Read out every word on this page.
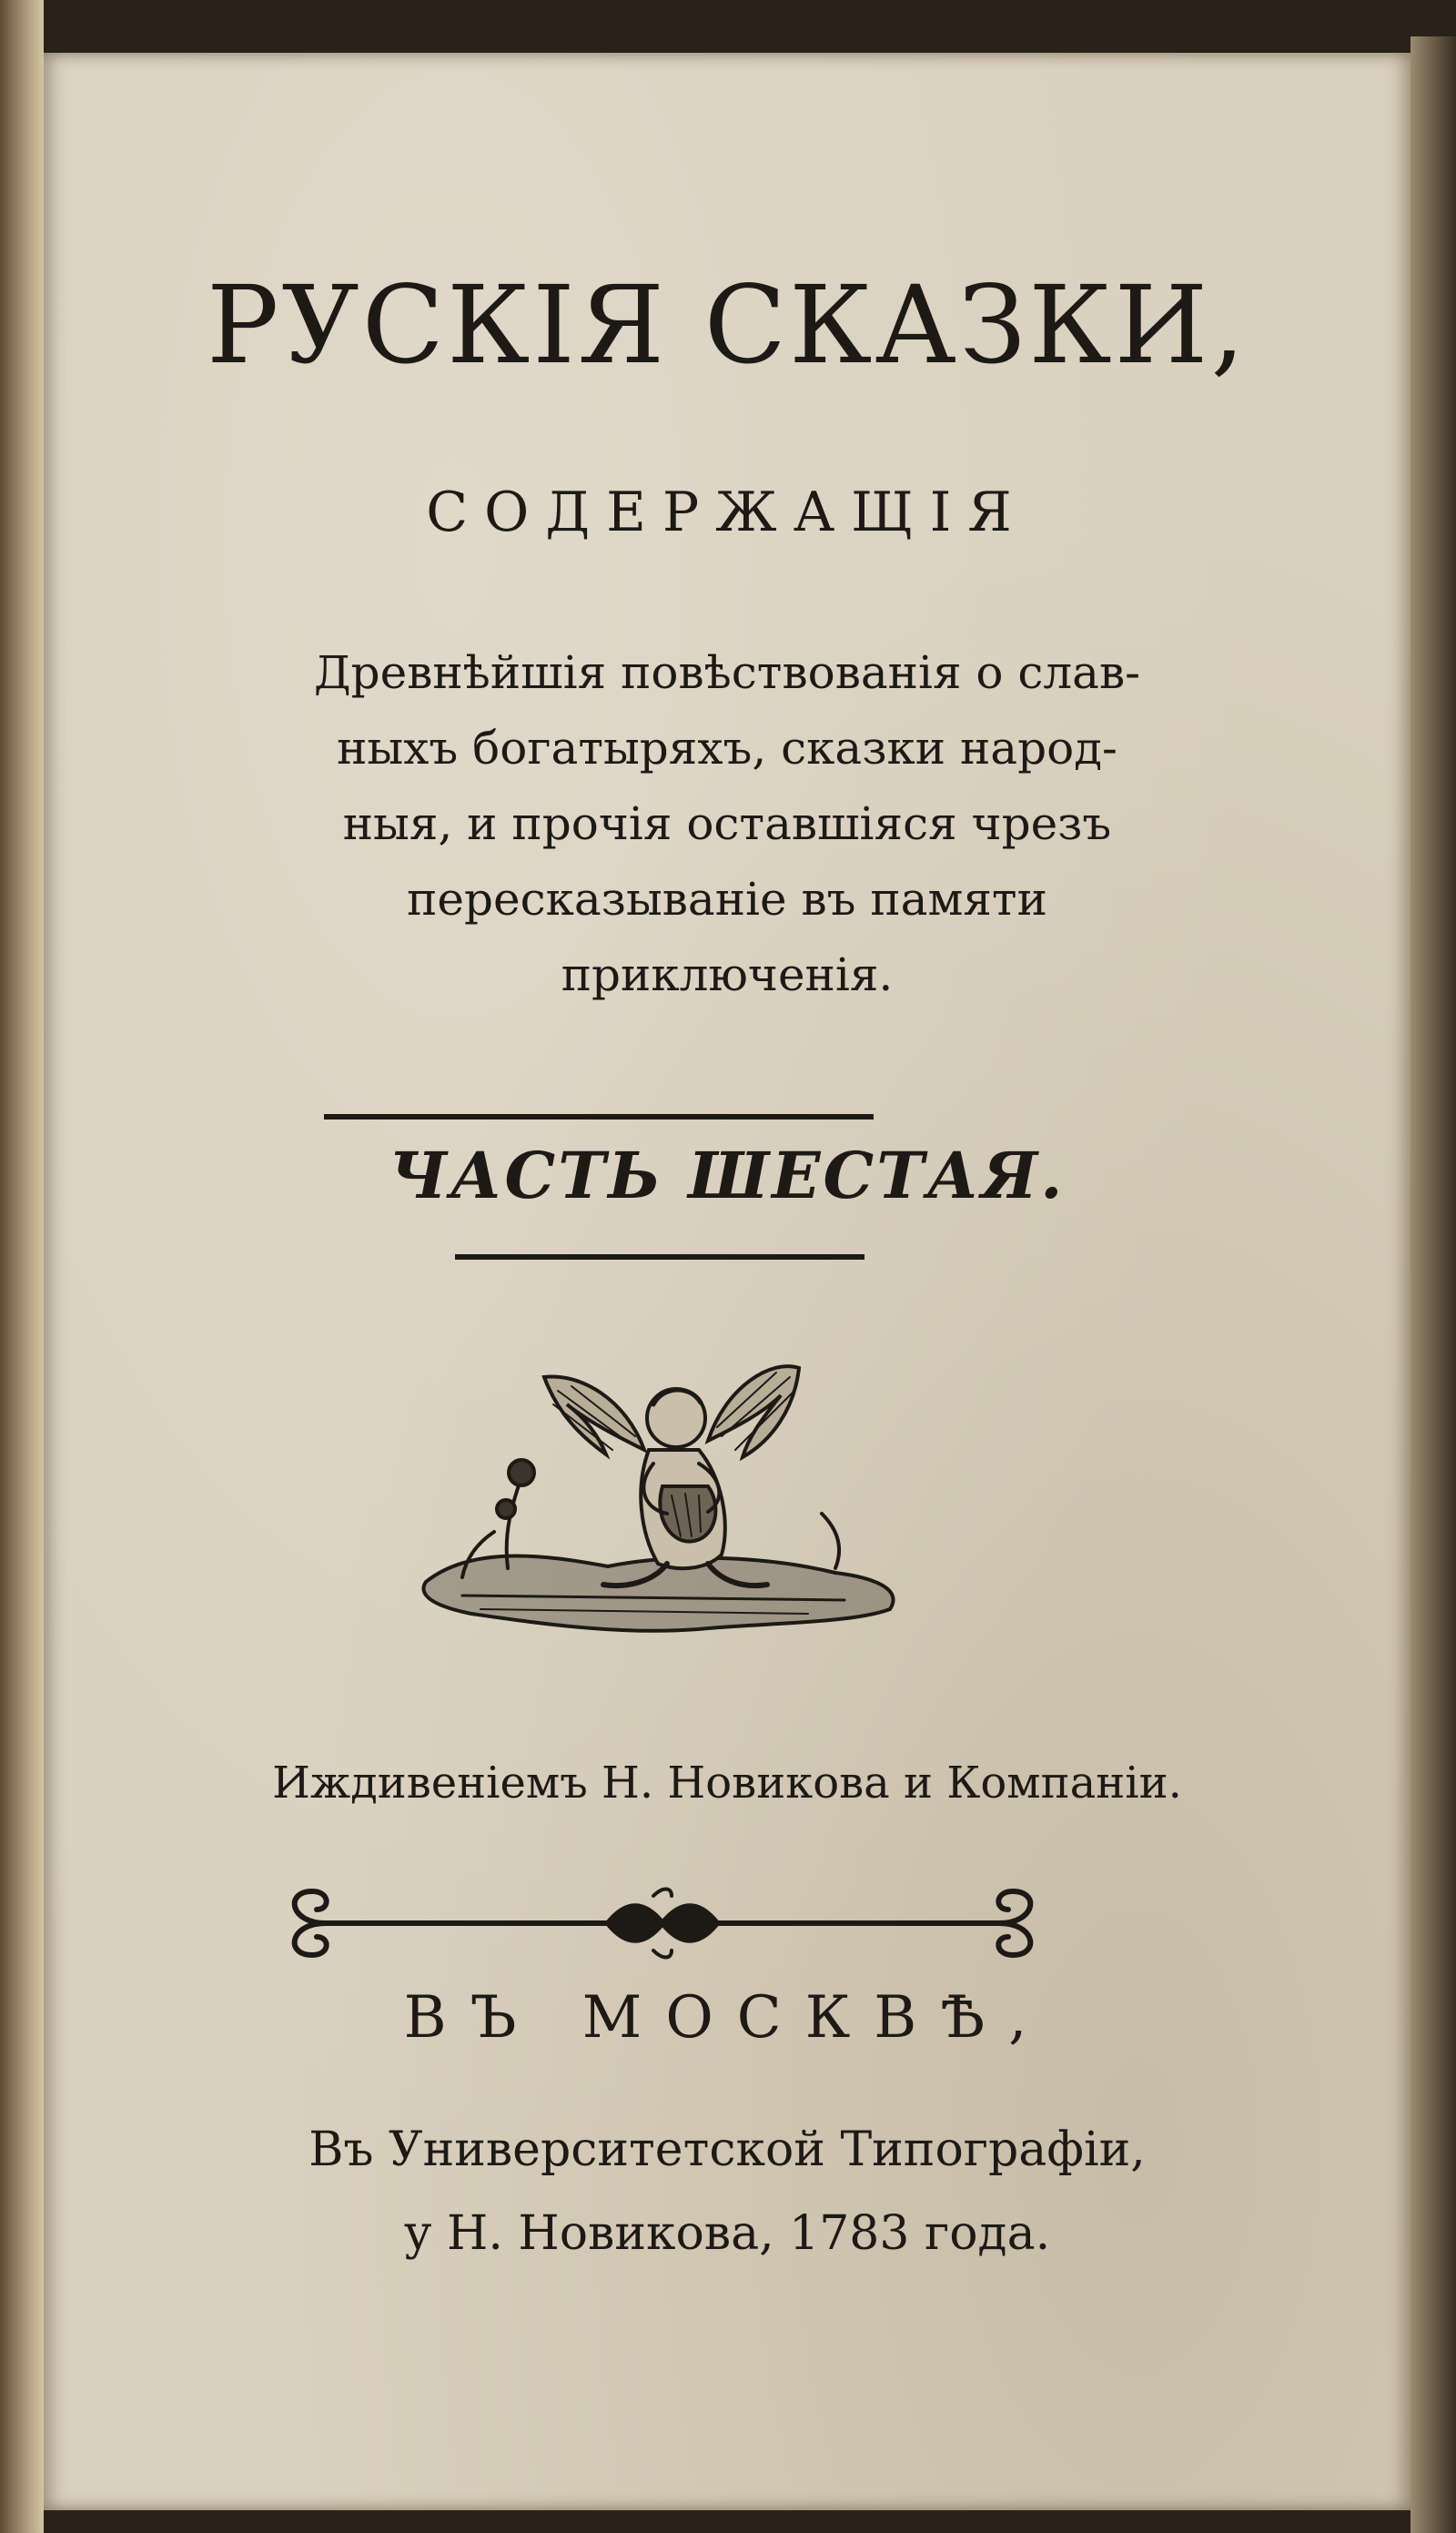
РУСКІЯ СКАЗКИ,
СОДЕРЖАЩІЯ
Древнѣйшія повѣствованія о слав-
ныхъ богатыряхъ, сказки народ-
ныя, и прочія оставшіяся чрезъ
пересказываніе въ памяти
приключенія.
ЧАСТЬ ШЕСТАЯ.
Иждивеніемъ Н. Новикова и Компаніи.
ВЪ МОСКВѢ,
Въ Университетской Типографіи,
у Н. Новикова, 1783 года.
